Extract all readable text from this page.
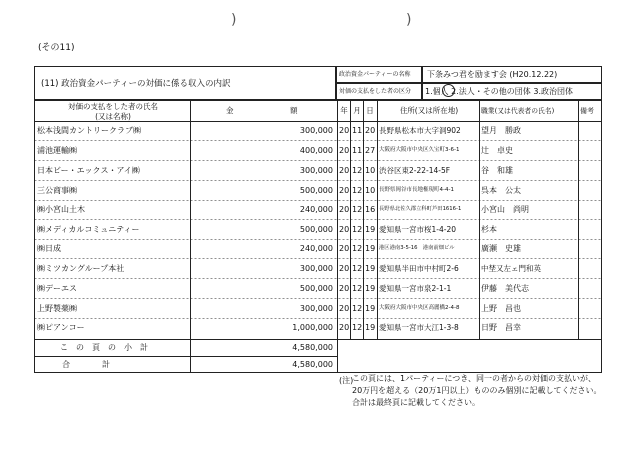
)	)
(その11)
(11) 政治資金パーティーの対価に係る収入の内訳
政治資金パーティーの名称	下条みつ君を励ます会 (H20.12.22)
対価の支払をした者の区分	1.個人 2.法人・その他の団体 3.政治団体
対価の支払をした者の氏名
(又は名称)
金	額	年 月 日	住所(又は所在地)	職業(又は代表者の氏名)	備考
松本浅間カントリークラブ㈱	300,000 20 11 20 長野県松本市大字洞902	望月　勝政
浦池運輸㈱	400,000 20 11 27 大阪府大阪市中央区久宝町3-6-1	辻　卓史
日本ビー・エックス・アイ㈱	300,000 20 12 10 渋谷区東2-22-14-5F	谷　和雄
三公商事㈱	500,000 20 12 10 長野県岡谷市長地権現町4-4-1	呉本　公太
㈱小宮山土木	240,000 20 12 16 長野県北佐久郡立科町芦田1616-1	小宮山　尚明
㈱メディカルコミュニティー	500,000 20 12 19 愛知県一宮市桜1-4-20	杉本
㈱日成	240,000 20 12 19 港区港南3-5-16　港南前畑ビル	廣瀬　史雄
㈱ミツカングループ本社	300,000 20 12 19 愛知県半田市中村町2-6	中埜又左ェ門和英
㈱デーエス	500,000 20 12 19 愛知県一宮市泉2-1-1	伊藤　美代志
上野製薬㈱	300,000 20 12 19 大阪府大阪市中央区高麗橋2-4-8	上野　昌也
㈱ピアンコー	1,000,000 20 12 19 愛知県一宮市大江1-3-8	日野　昌幸
こ　の　頁　の　小　計	4,580,000
合　　　　計	4,580,000
(注)
この頁には、1パーティーにつき、同一の者からの対価の支払いが、20万円を超える（20万1円以上）もののみ個別に記載してください。合計は最終頁に記載してください。
